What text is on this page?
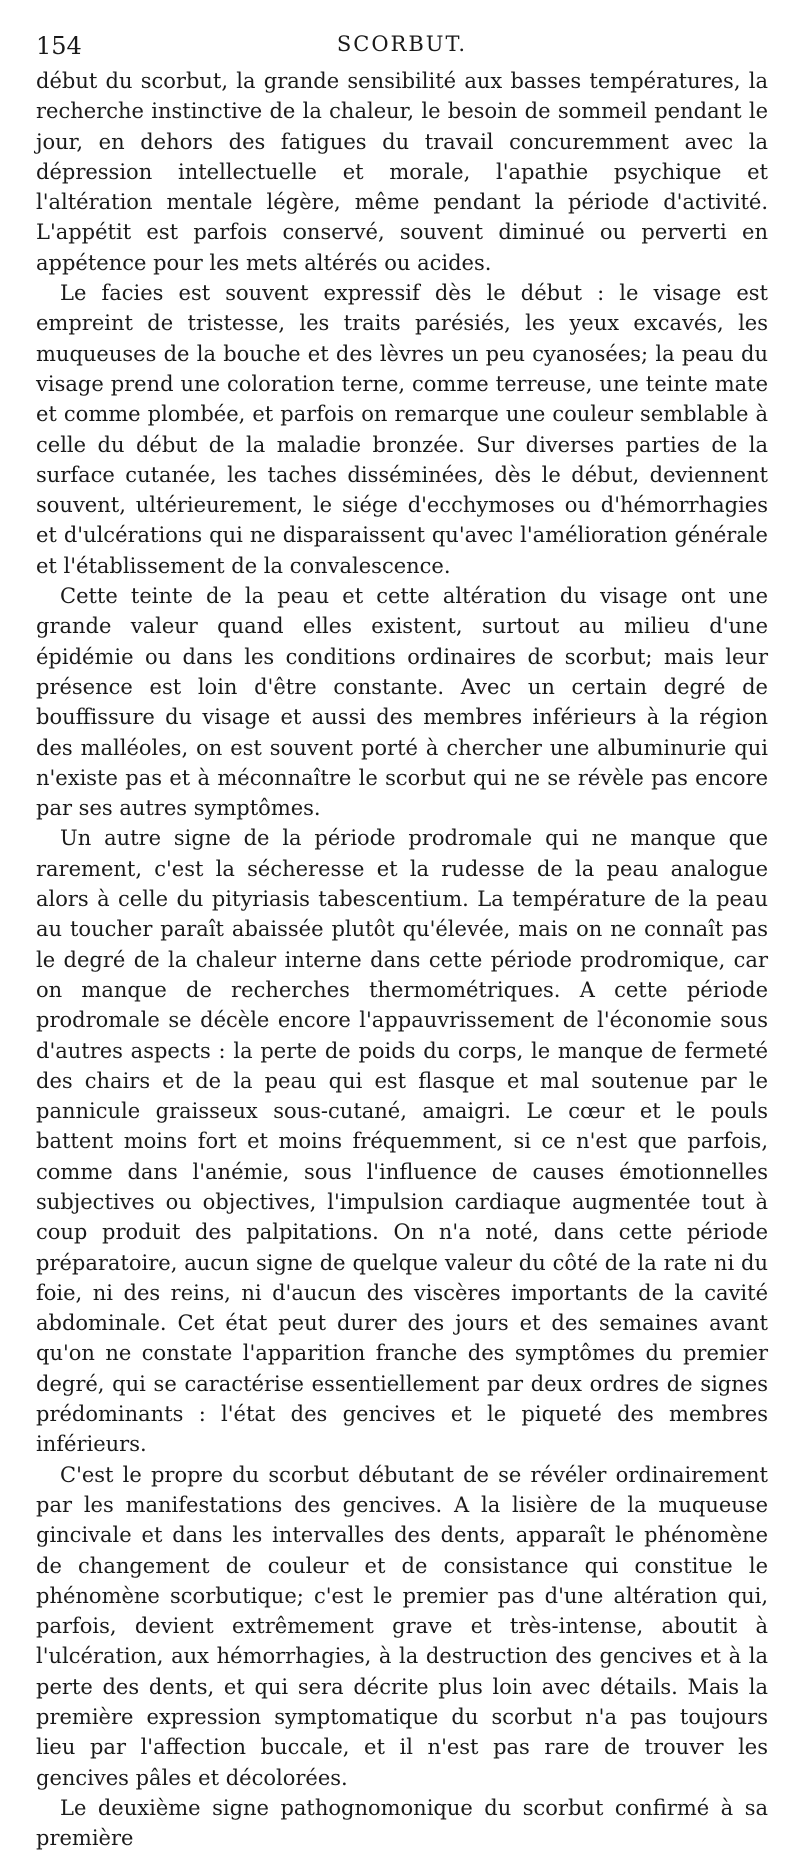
154	SCORBUT.

début du scorbut, la grande sensibilité aux basses températures, la recherche instinctive de la chaleur, le besoin de sommeil pendant le jour, en dehors des fatigues du travail concuremment avec la dépression intellectuelle et morale, l'apathie psychique et l'altération mentale légère, même pendant la période d'activité. L'appétit est parfois conservé, souvent diminué ou perverti en appétence pour les mets altérés ou acides.

Le facies est souvent expressif dès le début : le visage est empreint de tristesse, les traits parésiés, les yeux excavés, les muqueuses de la bouche et des lèvres un peu cyanosées; la peau du visage prend une coloration terne, comme terreuse, une teinte mate et comme plombée, et parfois on remarque une couleur semblable à celle du début de la maladie bronzée. Sur diverses parties de la surface cutanée, les taches disséminées, dès le début, deviennent souvent, ultérieurement, le siége d'ecchymoses ou d'hémorrhagies et d'ulcérations qui ne disparaissent qu'avec l'amélioration générale et l'établissement de la convalescence.

Cette teinte de la peau et cette altération du visage ont une grande valeur quand elles existent, surtout au milieu d'une épidémie ou dans les conditions ordinaires de scorbut; mais leur présence est loin d'être constante. Avec un certain degré de bouffissure du visage et aussi des membres inférieurs à la région des malléoles, on est souvent porté à chercher une albuminurie qui n'existe pas et à méconnaître le scorbut qui ne se révèle pas encore par ses autres symptômes.

Un autre signe de la période prodromale qui ne manque que rarement, c'est la sécheresse et la rudesse de la peau analogue alors à celle du pityriasis tabescentium. La température de la peau au toucher paraît abaissée plutôt qu'élevée, mais on ne connaît pas le degré de la chaleur interne dans cette période prodromique, car on manque de recherches thermométriques. A cette période prodromale se décèle encore l'appauvrissement de l'économie sous d'autres aspects : la perte de poids du corps, le manque de fermeté des chairs et de la peau qui est flasque et mal soutenue par le pannicule graisseux sous-cutané, amaigri. Le cœur et le pouls battent moins fort et moins fréquemment, si ce n'est que parfois, comme dans l'anémie, sous l'influence de causes émotionnelles subjectives ou objectives, l'impulsion cardiaque augmentée tout à coup produit des palpitations. On n'a noté, dans cette période préparatoire, aucun signe de quelque valeur du côté de la rate ni du foie, ni des reins, ni d'aucun des viscères importants de la cavité abdominale. Cet état peut durer des jours et des semaines avant qu'on ne constate l'apparition franche des symptômes du premier degré, qui se caractérise essentiellement par deux ordres de signes prédominants : l'état des gencives et le piqueté des membres inférieurs.

C'est le propre du scorbut débutant de se révéler ordinairement par les manifestations des gencives. A la lisière de la muqueuse gincivale et dans les intervalles des dents, apparaît le phénomène de changement de couleur et de consistance qui constitue le phénomène scorbutique; c'est le premier pas d'une altération qui, parfois, devient extrêmement grave et très-intense, aboutit à l'ulcération, aux hémorrhagies, à la destruction des gencives et à la perte des dents, et qui sera décrite plus loin avec détails. Mais la première expression symptomatique du scorbut n'a pas toujours lieu par l'affection buccale, et il n'est pas rare de trouver les gencives pâles et décolorées.

Le deuxième signe pathognomonique du scorbut confirmé à sa première
